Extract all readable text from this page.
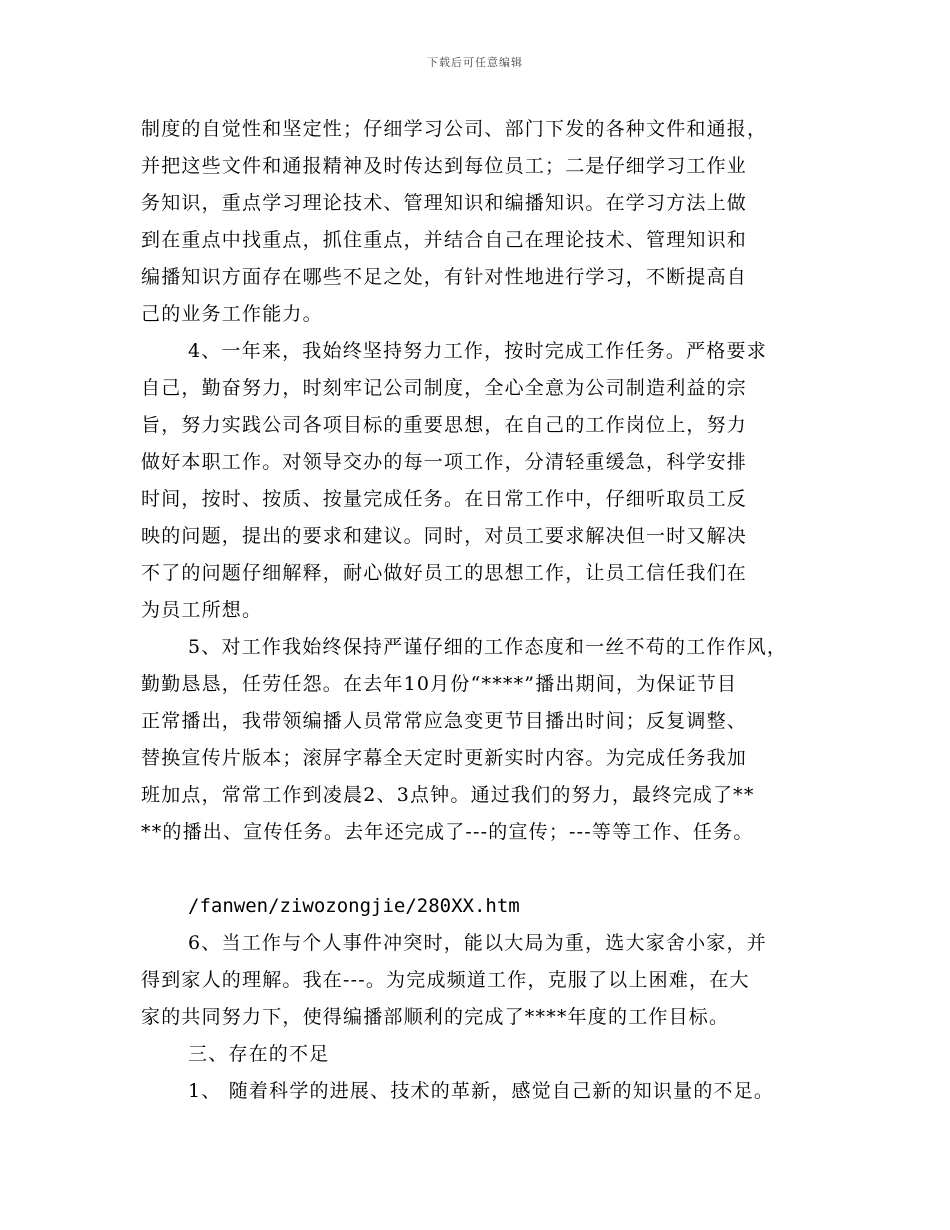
下载后可任意编辑
制度的自觉性和坚定性；仔细学习公司、部门下发的各种文件和通报，
并把这些文件和通报精神及时传达到每位员工；二是仔细学习工作业
务知识，重点学习理论技术、管理知识和编播知识。在学习方法上做
到在重点中找重点，抓住重点，并结合自己在理论技术、管理知识和
编播知识方面存在哪些不足之处，有针对性地进行学习，不断提高自
己的业务工作能力。
4、一年来，我始终坚持努力工作，按时完成工作任务。严格要求
自己，勤奋努力，时刻牢记公司制度，全心全意为公司制造利益的宗
旨，努力实践公司各项目标的重要思想，在自己的工作岗位上，努力
做好本职工作。对领导交办的每一项工作，分清轻重缓急，科学安排
时间，按时、按质、按量完成任务。在日常工作中，仔细听取员工反
映的问题，提出的要求和建议。同时，对员工要求解决但一时又解决
不了的问题仔细解释，耐心做好员工的思想工作，让员工信任我们在
为员工所想。
5、对工作我始终保持严谨仔细的工作态度和一丝不苟的工作作风，
勤勤恳恳，任劳任怨。在去年10月份“****”播出期间，为保证节目
正常播出，我带领编播人员常常应急变更节目播出时间；反复调整、
替换宣传片版本；滚屏字幕全天定时更新实时内容。为完成任务我加
班加点，常常工作到凌晨2、3点钟。通过我们的努力，最终完成了**
**的播出、宣传任务。去年还完成了---的宣传；---等等工作、任务。
/fanwen/ziwozongjie/280XX.htm
6、当工作与个人事件冲突时，能以大局为重，选大家舍小家，并
得到家人的理解。我在---。为完成频道工作，克服了以上困难，在大
家的共同努力下，使得编播部顺利的完成了****年度的工作目标。
三、存在的不足
1、 随着科学的进展、技术的革新，感觉自己新的知识量的不足。
